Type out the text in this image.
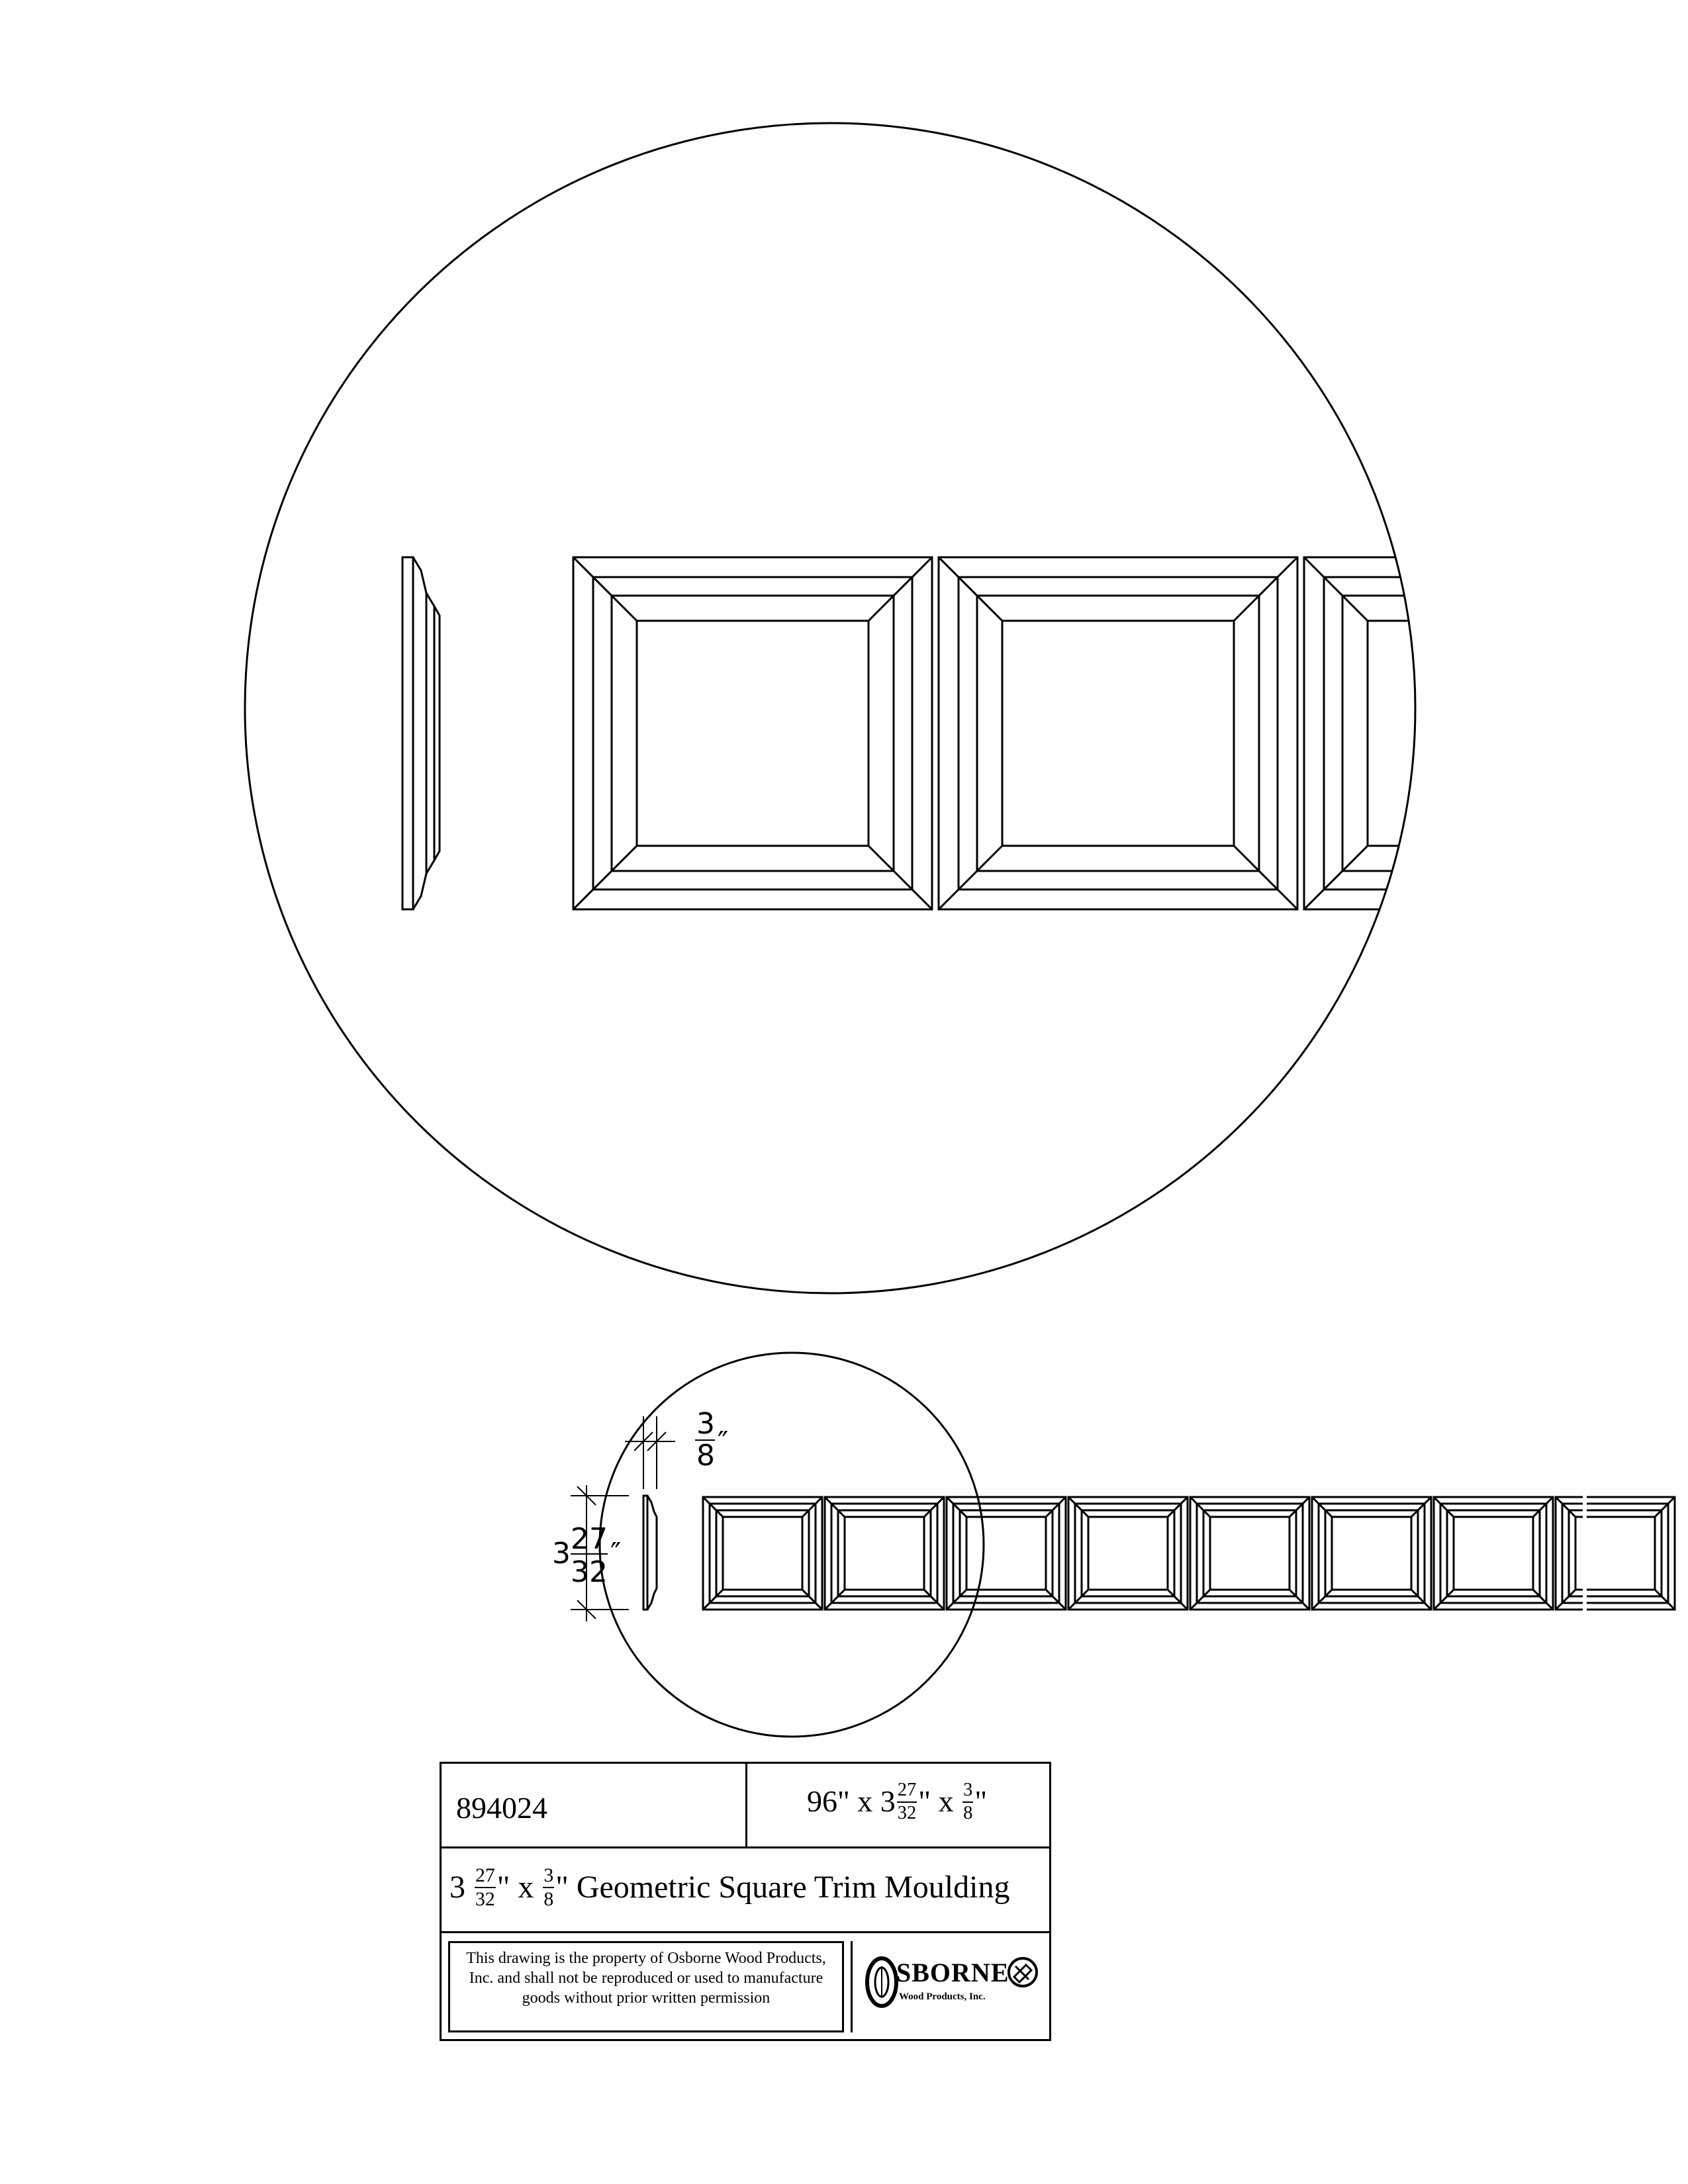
3 27
32
″
3
8 ″
894024	96" x $3 \frac{27}{32}$ " x $\frac{3}{8}$ "
$3 \frac{27}{32}$ " x $\frac{3}{8}$ " Geometric Square Trim Moulding
This drawing is the property of Osborne Wood Products, Inc. and shall not be reproduced or used to manufacture goods without prior written permission
SBORNE
Wood Products, Inc.
